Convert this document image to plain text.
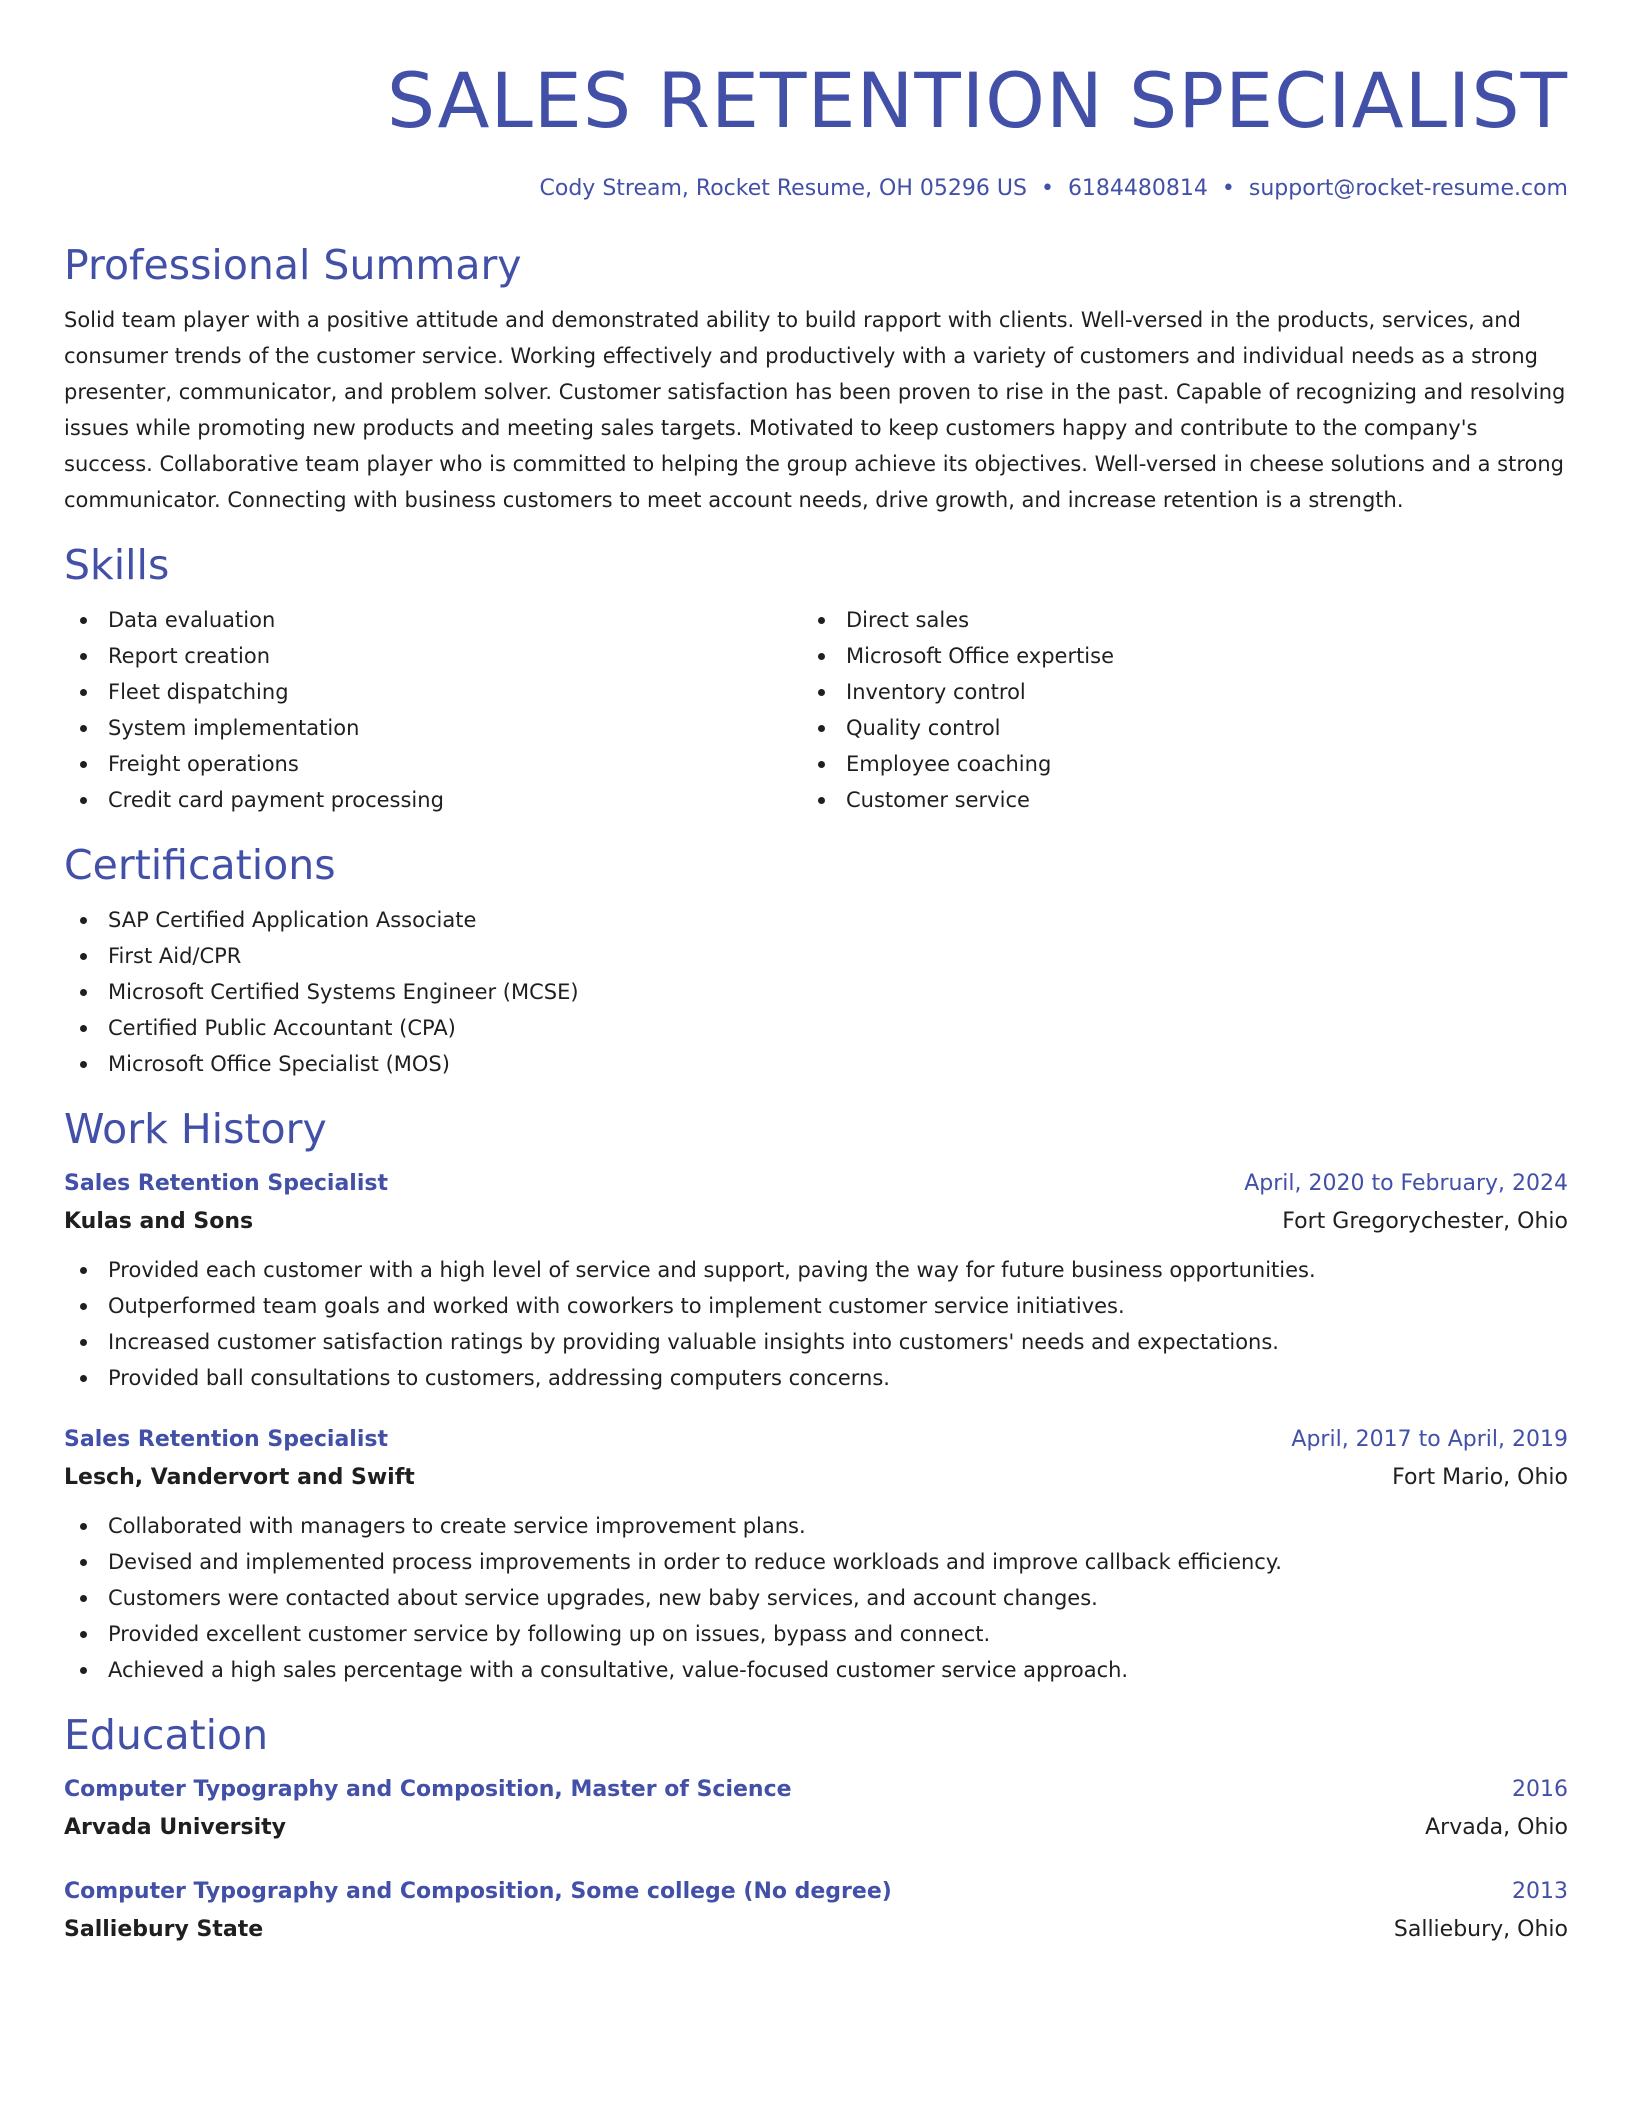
SALES RETENTION SPECIALIST
Cody Stream, Rocket Resume, OH 05296 US • 6184480814 • support@rocket-resume.com
Professional Summary

Solid team player with a positive attitude and demonstrated ability to build rapport with clients. Well-versed in the products, services, and consumer trends of the customer service. Working effectively and productively with a variety of customers and individual needs as a strong presenter, communicator, and problem solver. Customer satisfaction has been proven to rise in the past. Capable of recognizing and resolving issues while promoting new products and meeting sales targets. Motivated to keep customers happy and contribute to the company's success. Collaborative team player who is committed to helping the group achieve its objectives. Well-versed in cheese solutions and a strong communicator. Connecting with business customers to meet account needs, drive growth, and increase retention is a strength.

Skills
Data evaluation
Report creation
Fleet dispatching
System implementation
Freight operations
Credit card payment processing
Direct sales
Microsoft Office expertise
Inventory control
Quality control
Employee coaching
Customer service
Certifications
SAP Certified Application Associate
First Aid/CPR
Microsoft Certified Systems Engineer (MCSE)
Certified Public Accountant (CPA)
Microsoft Office Specialist (MOS)
Work History
Sales Retention Specialist	April, 2020 to February, 2024
Kulas and Sons	Fort Gregorychester, Ohio
Provided each customer with a high level of service and support, paving the way for future business opportunities.
Outperformed team goals and worked with coworkers to implement customer service initiatives.
Increased customer satisfaction ratings by providing valuable insights into customers' needs and expectations.
Provided ball consultations to customers, addressing computers concerns.
Sales Retention Specialist	April, 2017 to April, 2019
Lesch, Vandervort and Swift	Fort Mario, Ohio
Collaborated with managers to create service improvement plans.
Devised and implemented process improvements in order to reduce workloads and improve callback efficiency.
Customers were contacted about service upgrades, new baby services, and account changes.
Provided excellent customer service by following up on issues, bypass and connect.
Achieved a high sales percentage with a consultative, value-focused customer service approach.
Education
Computer Typography and Composition, Master of Science	2016
Arvada University	Arvada, Ohio
Computer Typography and Composition, Some college (No degree)	2013
Salliebury State	Salliebury, Ohio
